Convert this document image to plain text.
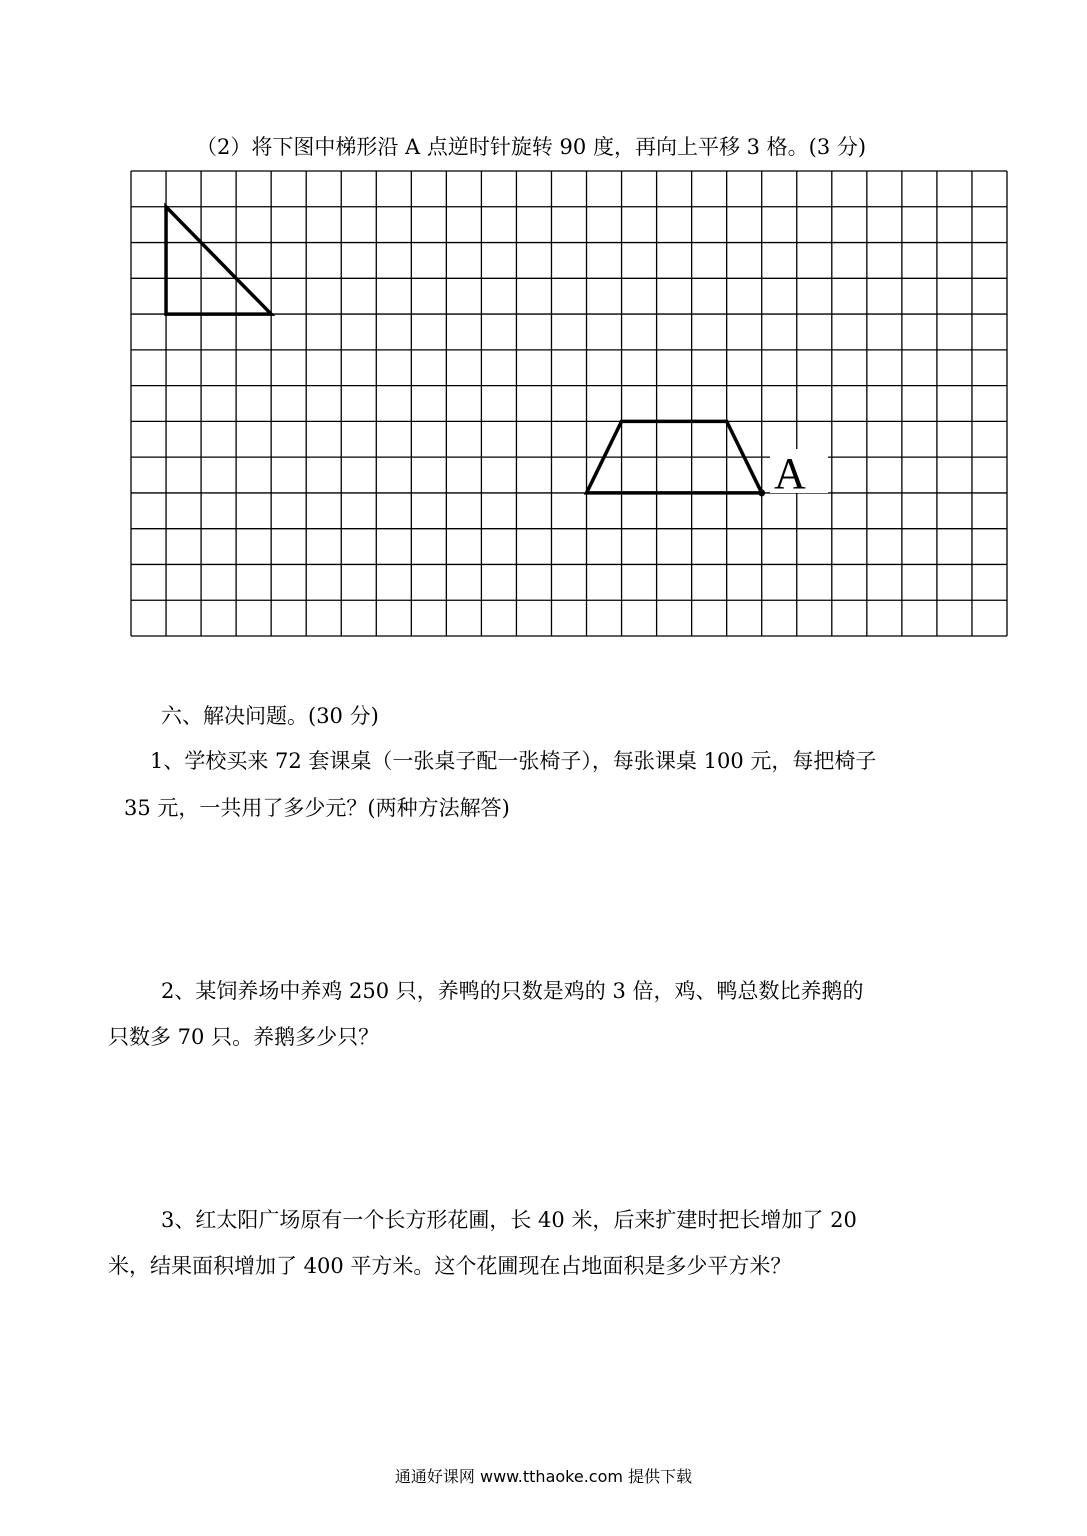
（2）将下图中梯形沿 A 点逆时针旋转 90 度，再向上平移 3 格。(3 分)

A

六、解决问题。(30 分)

1、学校买来 72 套课桌（一张桌子配一张椅子），每张课桌 100 元，每把椅子

35 元，一共用了多少元？(两种方法解答)

2、某饲养场中养鸡 250 只，养鸭的只数是鸡的 3 倍，鸡、鸭总数比养鹅的

只数多 70 只。养鹅多少只？

3、红太阳广场原有一个长方形花圃，长 40 米，后来扩建时把长增加了 20

米，结果面积增加了 400 平方米。这个花圃现在占地面积是多少平方米？

通通好课网 www.tthaoke.com 提供下载
